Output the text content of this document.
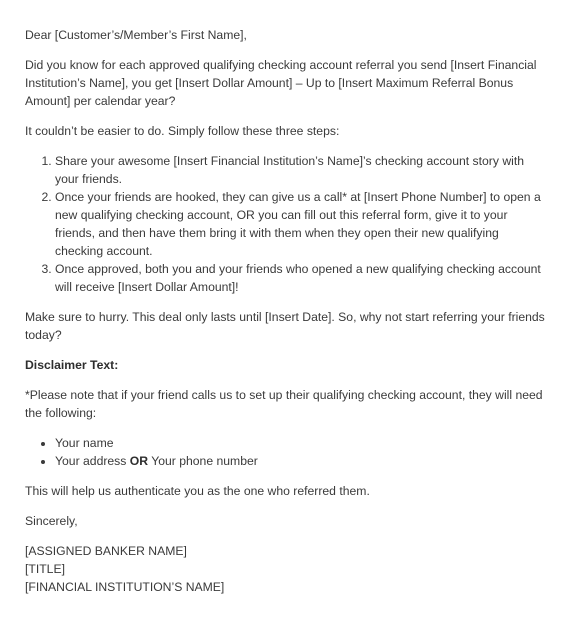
Dear [Customer’s/Member’s First Name],

Did you know for each approved qualifying checking account referral you send [Insert Financial Institution’s Name], you get [Insert Dollar Amount] – Up to [Insert Maximum Referral Bonus Amount] per calendar year?

It couldn’t be easier to do. Simply follow these three steps:

1. Share your awesome [Insert Financial Institution’s Name]’s checking account story with your friends.
2. Once your friends are hooked, they can give us a call* at [Insert Phone Number] to open a new qualifying checking account, OR you can fill out this referral form, give it to your friends, and then have them bring it with them when they open their new qualifying checking account.
3. Once approved, both you and your friends who opened a new qualifying checking account will receive [Insert Dollar Amount]!

Make sure to hurry. This deal only lasts until [Insert Date]. So, why not start referring your friends today?

Disclaimer Text:

*Please note that if your friend calls us to set up their qualifying checking account, they will need the following:

• Your name
• Your address OR Your phone number

This will help us authenticate you as the one who referred them.

Sincerely,

[ASSIGNED BANKER NAME]
[TITLE]
[FINANCIAL INSTITUTION’S NAME]
